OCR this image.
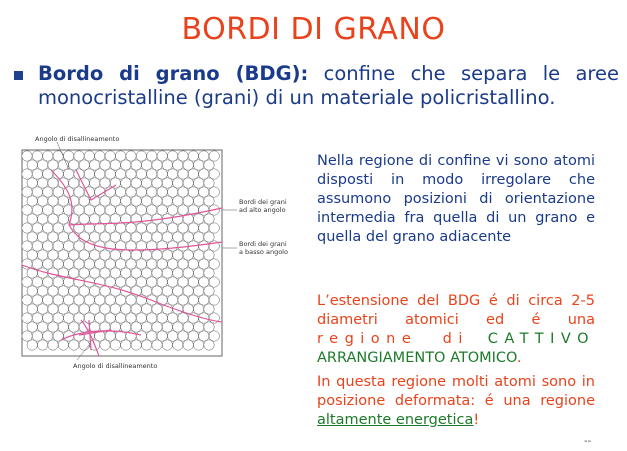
BORDI DI GRANO
Bordo di grano (BDG): confine che separa le aree monocristalline (grani) di un materiale policristallino.
Angolo di disallineamento
Bordi dei grani
ad alto angolo
Bordi dei grani
a basso angolo
Angolo di disallineamento
Nella regione di confine vi sono atomi disposti in modo irregolare che assumono posizioni di orientazione intermedia fra quella di un grano e quella del grano adiacente
L’estensione del BDG é di circa 2-5 diametri atomici ed é una regione di CATTIVO ARRANGIAMENTO ATOMICO.
In questa regione molti atomi sono in posizione deformata: é una regione altamente energetica!
--
